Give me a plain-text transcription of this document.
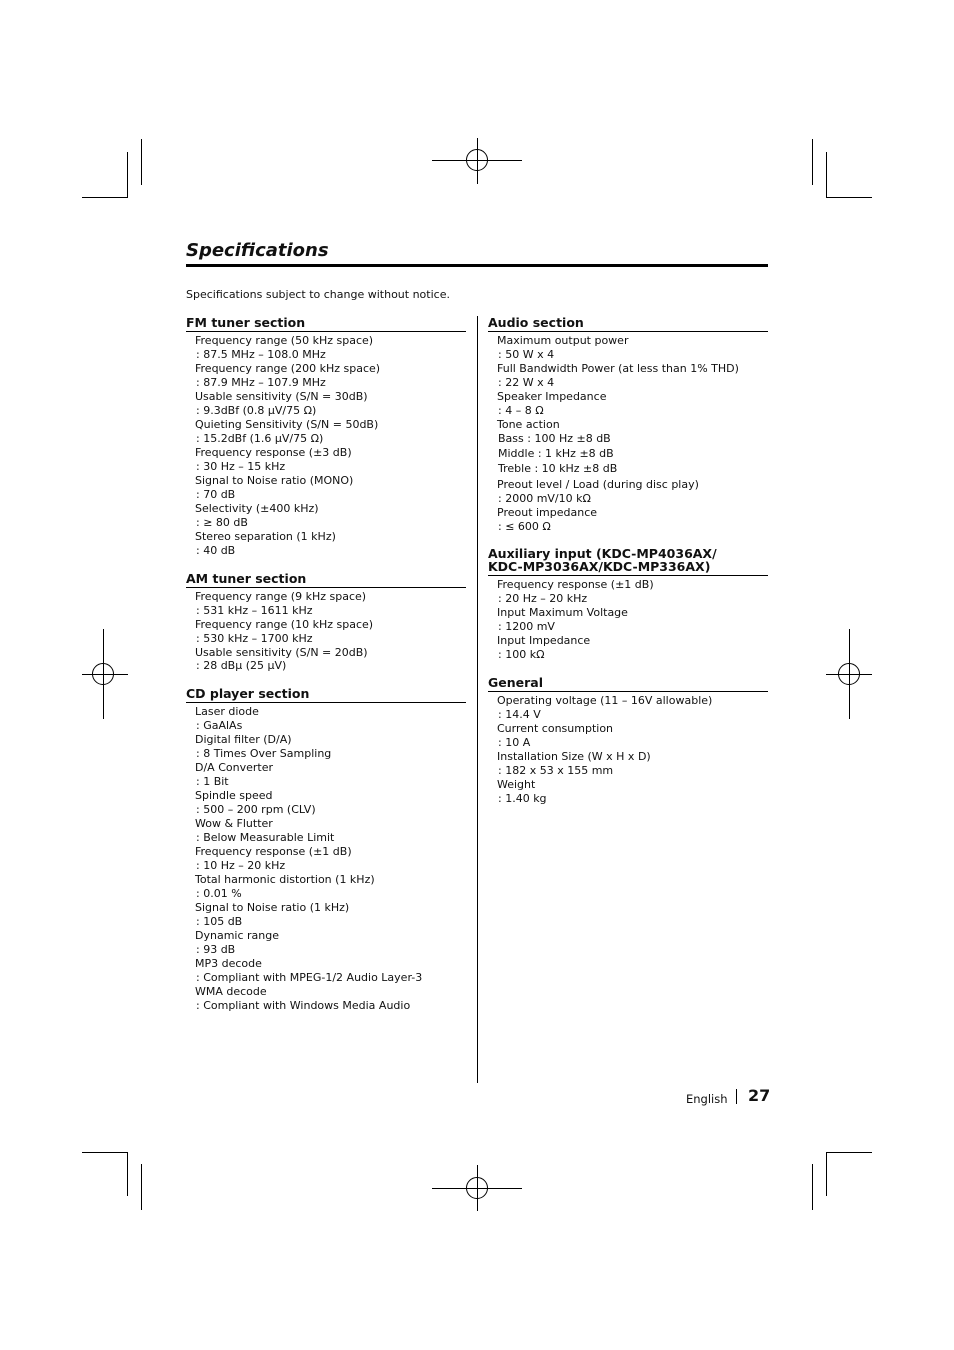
Specifications
Specifications subject to change without notice.
FM tuner section
Frequency range (50 kHz space)
: 87.5 MHz – 108.0 MHz
Frequency range (200 kHz space)
: 87.9 MHz – 107.9 MHz
Usable sensitivity (S/N = 30dB)
: 9.3dBf (0.8 μV/75 Ω)
Quieting Sensitivity (S/N = 50dB)
: 15.2dBf (1.6 μV/75 Ω)
Frequency response (±3 dB)
: 30 Hz – 15 kHz
Signal to Noise ratio (MONO)
: 70 dB
Selectivity (±400 kHz)
: ≥ 80 dB
Stereo separation (1 kHz)
: 40 dB
AM tuner section
Frequency range (9 kHz space)
: 531 kHz – 1611 kHz
Frequency range (10 kHz space)
: 530 kHz – 1700 kHz
Usable sensitivity (S/N = 20dB)
: 28 dBμ (25 μV)
CD player section
Laser diode
: GaAlAs
Digital filter (D/A)
: 8 Times Over Sampling
D/A Converter
: 1 Bit
Spindle speed
: 500 – 200 rpm (CLV)
Wow & Flutter
: Below Measurable Limit
Frequency response (±1 dB)
: 10 Hz – 20 kHz
Total harmonic distortion (1 kHz)
: 0.01 %
Signal to Noise ratio (1 kHz)
: 105 dB
Dynamic range
: 93 dB
MP3 decode
: Compliant with MPEG-1/2 Audio Layer-3
WMA decode
: Compliant with Windows Media Audio
Audio section
Maximum output power
: 50 W x 4
Full Bandwidth Power (at less than 1% THD)
: 22 W x 4
Speaker Impedance
: 4 – 8 Ω
Tone action
Bass : 100 Hz ±8 dB
Middle : 1 kHz ±8 dB
Treble : 10 kHz ±8 dB
Preout level / Load (during disc play)
: 2000 mV/10 kΩ
Preout impedance
: ≤ 600 Ω
Auxiliary input (KDC-MP4036AX/
KDC-MP3036AX/KDC-MP336AX)
Frequency response (±1 dB)
: 20 Hz – 20 kHz
Input Maximum Voltage
: 1200 mV
Input Impedance
: 100 kΩ
General
Operating voltage (11 – 16V allowable)
: 14.4 V
Current consumption
: 10 A
Installation Size (W x H x D)
: 182 x 53 x 155 mm
Weight
: 1.40 kg
English 27
